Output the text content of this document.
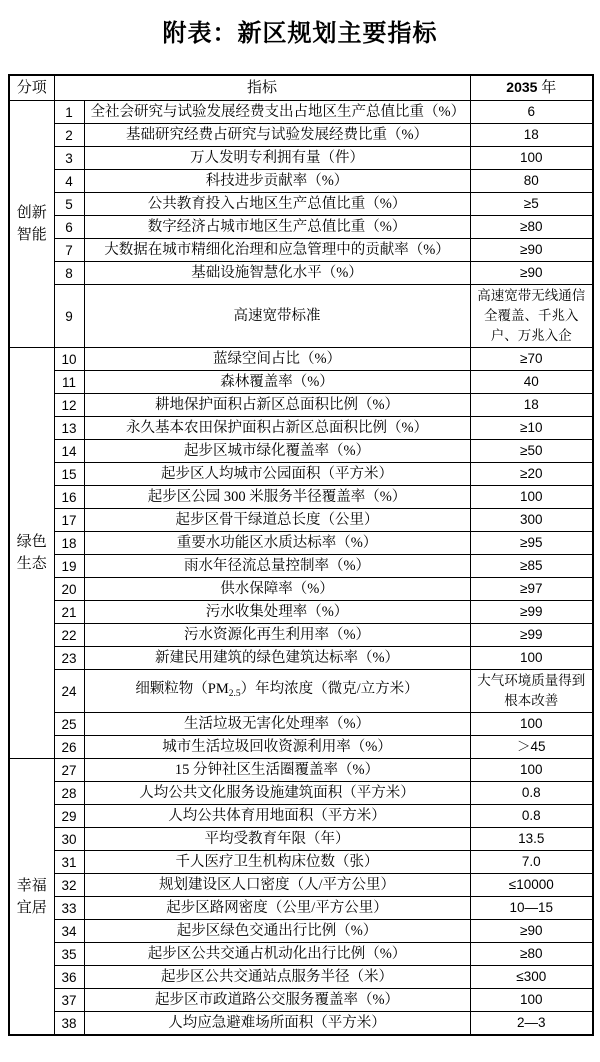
附表：新区规划主要指标
分项	指标		2035 年

创新
智能	1	全社会研究与试验发展经费支出占地区生产总值比重（%）	6
	2	基础研究经费占研究与试验发展经费比重（%）	18
	3	万人发明专利拥有量（件）	100
	4	科技进步贡献率（%）	80
	5	公共教育投入占地区生产总值比重（%）	≥5
	6	数字经济占城市地区生产总值比重（%）	≥80
	7	大数据在城市精细化治理和应急管理中的贡献率（%）	≥90
	8	基础设施智慧化水平（%）	≥90
	9	高速宽带标准	高速宽带无线通信全覆盖、千兆入户、万兆入企

绿色
生态	10	蓝绿空间占比（%）	≥70
	11	森林覆盖率（%）	40
	12	耕地保护面积占新区总面积比例（%）	18
	13	永久基本农田保护面积占新区总面积比例（%）	≥10
	14	起步区城市绿化覆盖率（%）	≥50
	15	起步区人均城市公园面积（平方米）	≥20
	16	起步区公园 300 米服务半径覆盖率（%）	100
	17	起步区骨干绿道总长度（公里）	300
	18	重要水功能区水质达标率（%）	≥95
	19	雨水年径流总量控制率（%）	≥85
	20	供水保障率（%）	≥97
	21	污水收集处理率（%）	≥99
	22	污水资源化再生利用率（%）	≥99
	23	新建民用建筑的绿色建筑达标率（%）	100
	24	细颗粒物$(PM_{2.5})$年均浓度（微克/立方米）	大气环境质量得到根本改善
	25	生活垃圾无害化处理率（%）	100
	26	城市生活垃圾回收资源利用率（%）	＞45

幸福
宜居	27	15 分钟社区生活圈覆盖率（%）	100
	28	人均公共文化服务设施建筑面积（平方米）	0.8
	29	人均公共体育用地面积（平方米）	0.8
	30	平均受教育年限（年）	13.5
	31	千人医疗卫生机构床位数（张）	7.0
	32	规划建设区人口密度（人/平方公里）	≤10000
	33	起步区路网密度（公里/平方公里）	10—15
	34	起步区绿色交通出行比例（%）	≥90
	35	起步区公共交通占机动化出行比例（%）	≥80
	36	起步区公共交通站点服务半径（米）	≤300
	37	起步区市政道路公交服务覆盖率（%）	100
	38	人均应急避难场所面积（平方米）	2—3
